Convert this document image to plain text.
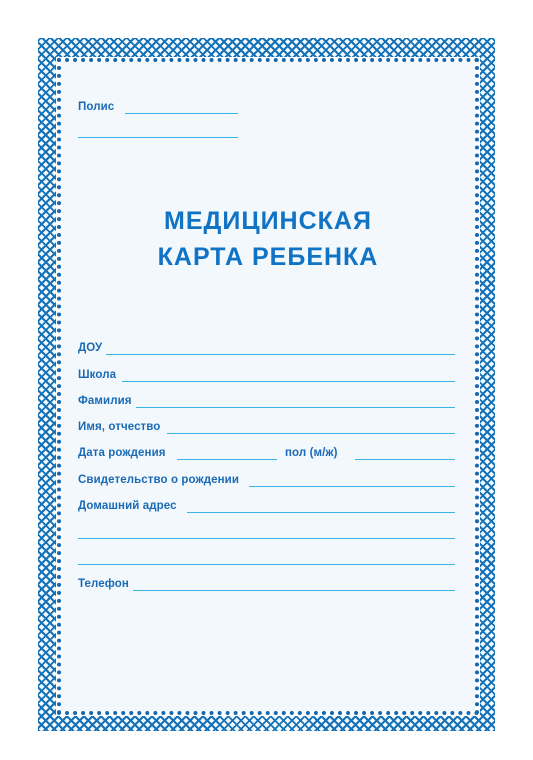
Полис
МЕДИЦИНСКАЯ
КАРТА РЕБЕНКА
ДОУ
Школа
Фамилия
Имя, отчество
Дата рождения	пол (м/ж)
Свидетельство о рождении
Домашний адрес
Телефон
